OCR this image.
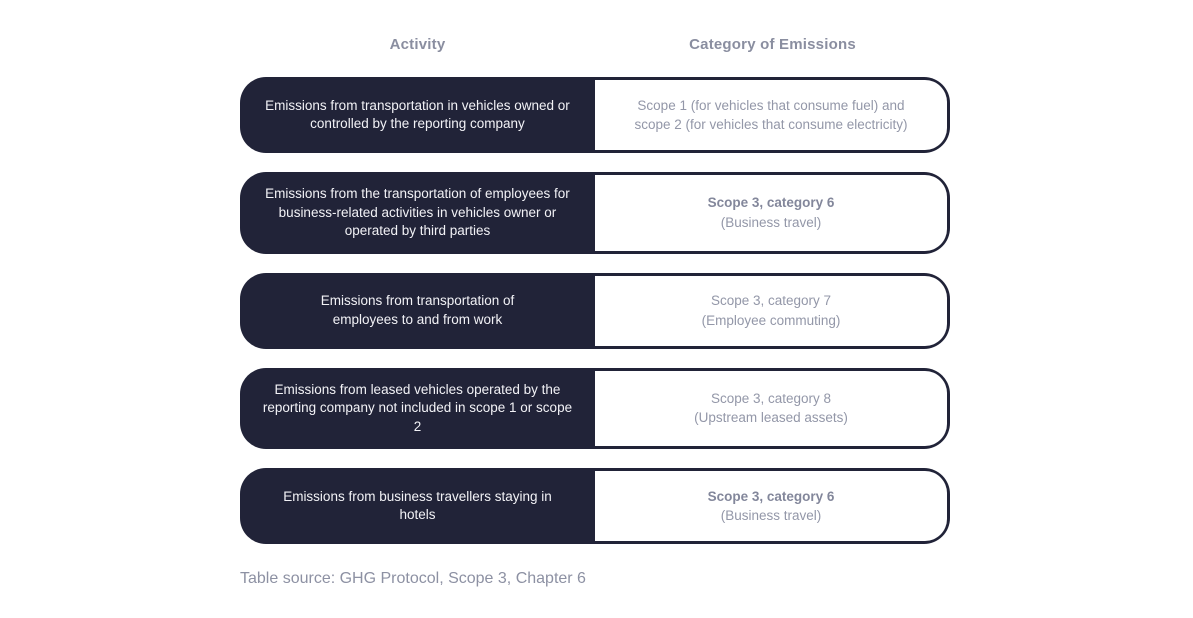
Activity	Category of Emissions
Emissions from transportation in vehicles owned or
controlled by the reporting company
Scope 1 (for vehicles that consume fuel) and
scope 2 (for vehicles that consume electricity)
Emissions from the transportation of employees for
business-related activities in vehicles owner or
operated by third parties
Scope 3, category 6
(Business travel)
Emissions from transportation of
employees to and from work
Scope 3, category 7
(Employee commuting)
Emissions from leased vehicles operated by the
reporting company not included in scope 1 or scope 2
Scope 3, category 8
(Upstream leased assets)
Emissions from business travellers staying in
hotels
Scope 3, category 6
(Business travel)
Table source: GHG Protocol, Scope 3, Chapter 6
